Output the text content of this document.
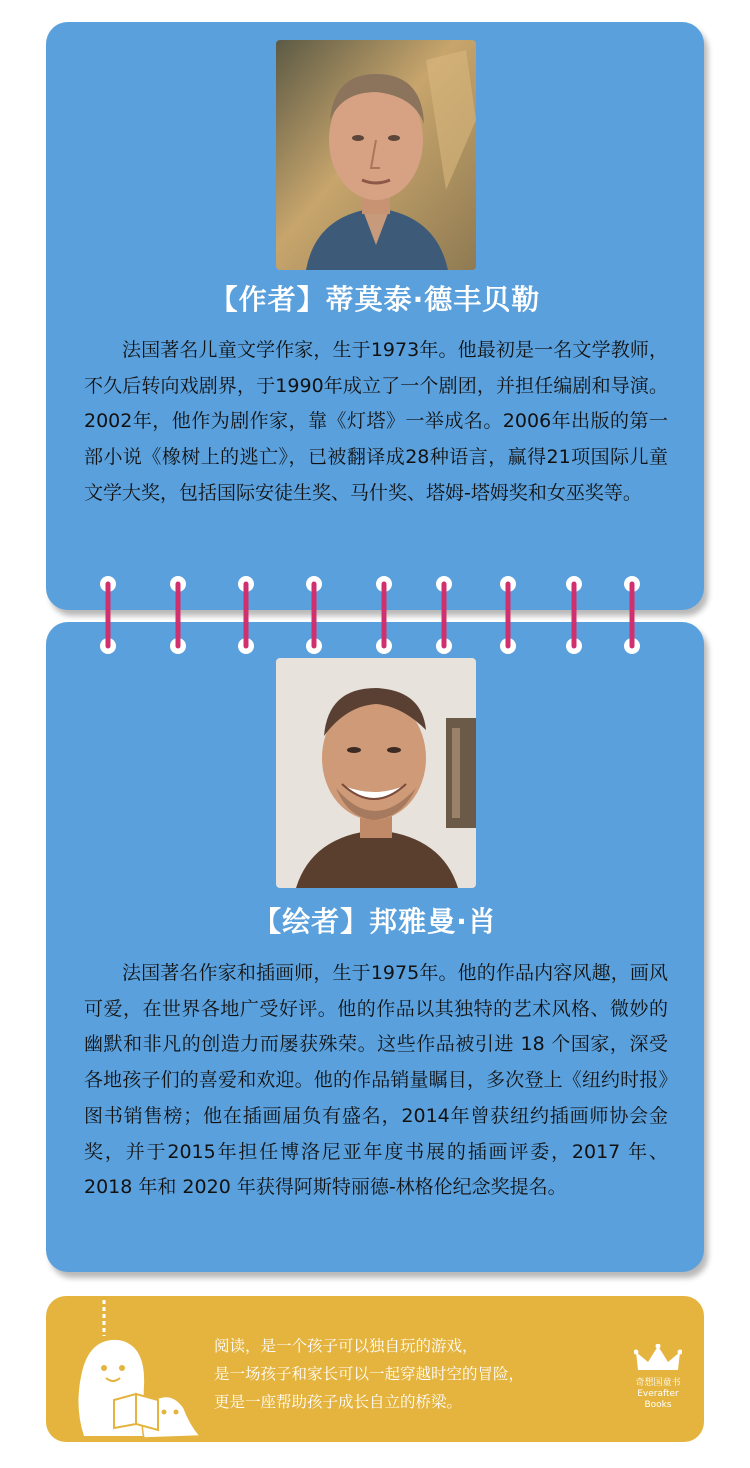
【作者】蒂莫泰·德丰贝勒

法国著名儿童文学作家，生于1973年。他最初是一名文学教师，不久后转向戏剧界，于1990年成立了一个剧团，并担任编剧和导演。2002年，他作为剧作家，靠《灯塔》一举成名。2006年出版的第一部小说《橡树上的逃亡》，已被翻译成28种语言，赢得21项国际儿童文学大奖，包括国际安徒生奖、马什奖、塔姆-塔姆奖和女巫奖等。

【绘者】邦雅曼·肖

法国著名作家和插画师，生于1975年。他的作品内容风趣，画风可爱，在世界各地广受好评。他的作品以其独特的艺术风格、微妙的幽默和非凡的创造力而屡获殊荣。这些作品被引进 18 个国家，深受各地孩子们的喜爱和欢迎。他的作品销量瞩目，多次登上《纽约时报》图书销售榜；他在插画届负有盛名，2014年曾获纽约插画师协会金奖，并于2015年担任博洛尼亚年度书展的插画评委，2017 年、2018 年和 2020 年获得阿斯特丽德-林格伦纪念奖提名。

阅读，是一个孩子可以独自玩的游戏，
是一场孩子和家长可以一起穿越时空的冒险，
更是一座帮助孩子成长自立的桥梁。
奇想国童书
Everafter Books
